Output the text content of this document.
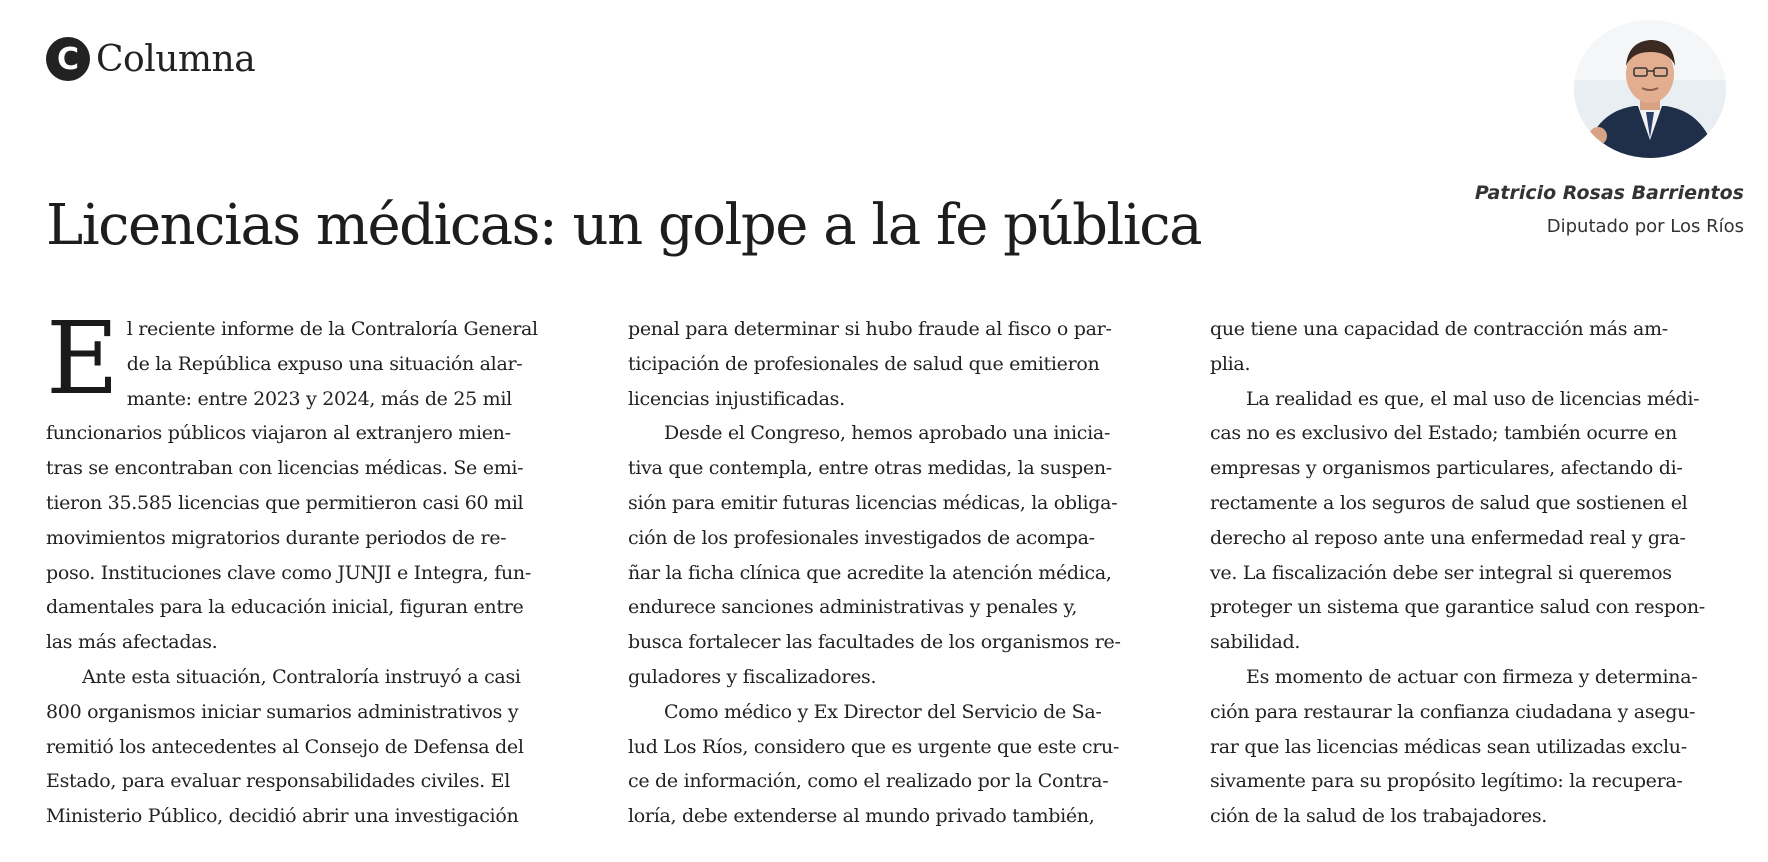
C Columna
Licencias médicas: un golpe a la fe pública	Patricio Rosas Barrientos
Diputado por Los Ríos
E l reciente informe de la Contraloría General
de la República expuso una situación alar-
mante: entre 2023 y 2024, más de 25 mil
funcionarios públicos viajaron al extranjero mien-
tras se encontraban con licencias médicas. Se emi-
tieron 35.585 licencias que permitieron casi 60 mil
movimientos migratorios durante periodos de re-
poso. Instituciones clave como JUNJI e Integra, fun-
damentales para la educación inicial, figuran entre
las más afectadas.
Ante esta situación, Contraloría instruyó a casi
800 organismos iniciar sumarios administrativos y
remitió los antecedentes al Consejo de Defensa del
Estado, para evaluar responsabilidades civiles. El
Ministerio Público, decidió abrir una investigación
penal para determinar si hubo fraude al fisco o par-
ticipación de profesionales de salud que emitieron
licencias injustificadas.
Desde el Congreso, hemos aprobado una inicia-
tiva que contempla, entre otras medidas, la suspen-
sión para emitir futuras licencias médicas, la obliga-
ción de los profesionales investigados de acompa-
ñar la ficha clínica que acredite la atención médica,
endurece sanciones administrativas y penales y,
busca fortalecer las facultades de los organismos re-
guladores y fiscalizadores.
Como médico y Ex Director del Servicio de Sa-
lud Los Ríos, considero que es urgente que este cru-
ce de información, como el realizado por la Contra-
loría, debe extenderse al mundo privado también,
que tiene una capacidad de contracción más am-
plia.
La realidad es que, el mal uso de licencias médi-
cas no es exclusivo del Estado; también ocurre en
empresas y organismos particulares, afectando di-
rectamente a los seguros de salud que sostienen el
derecho al reposo ante una enfermedad real y gra-
ve. La fiscalización debe ser integral si queremos
proteger un sistema que garantice salud con respon-
sabilidad.
Es momento de actuar con firmeza y determina-
ción para restaurar la confianza ciudadana y asegu-
rar que las licencias médicas sean utilizadas exclu-
sivamente para su propósito legítimo: la recupera-
ción de la salud de los trabajadores.
